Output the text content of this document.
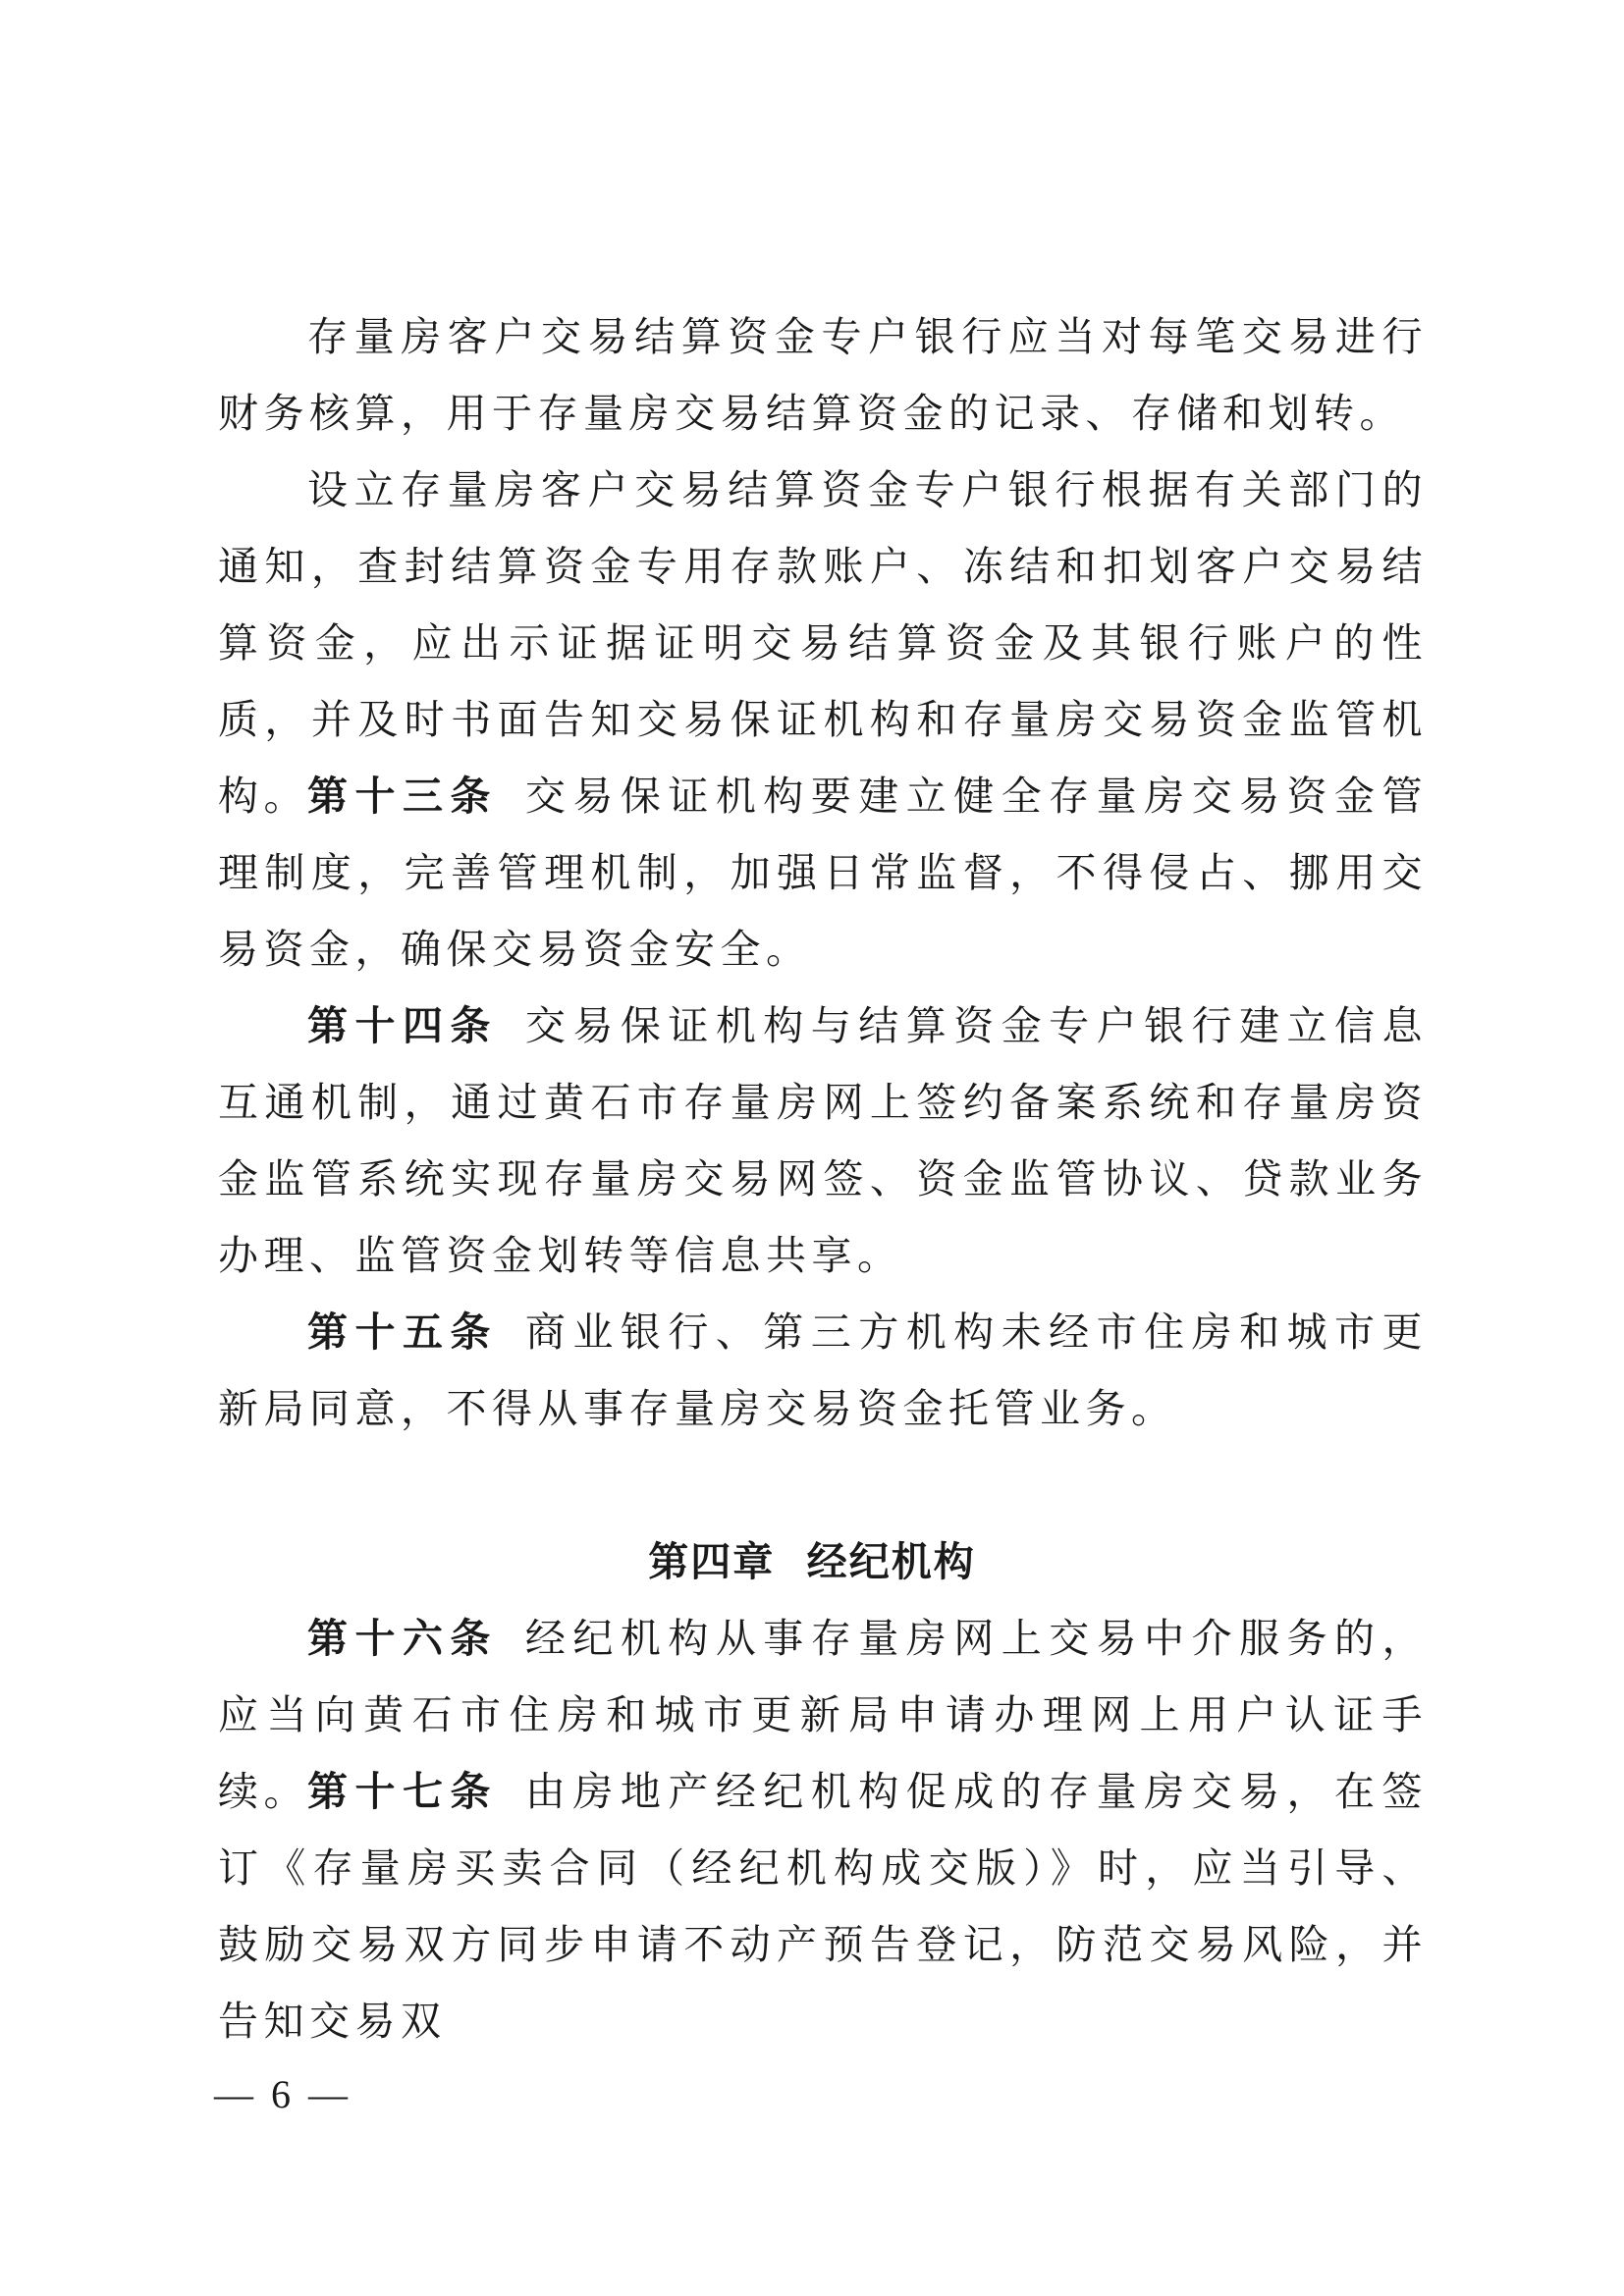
存量房客户交易结算资金专户银行应当对每笔交易进行财务核算，用于存量房交易结算资金的记录、存储和划转。

设立存量房客户交易结算资金专户银行根据有关部门的通知，查封结算资金专用存款账户、冻结和扣划客户交易结算资金，应出示证据证明交易结算资金及其银行账户的性质，并及时书面告知交易保证机构和存量房交易资金监管机构。

第十三条 交易保证机构要建立健全存量房交易资金管理制度，完善管理机制，加强日常监督，不得侵占、挪用交易资金，确保交易资金安全。

第十四条 交易保证机构与结算资金专户银行建立信息互通机制，通过黄石市存量房网上签约备案系统和存量房资金监管系统实现存量房交易网签、资金监管协议、贷款业务办理、监管资金划转等信息共享。

第十五条 商业银行、第三方机构未经市住房和城市更新局同意，不得从事存量房交易资金托管业务。

第四章  经纪机构

第十六条 经纪机构从事存量房网上交易中介服务的，应当向黄石市住房和城市更新局申请办理网上用户认证手续。

第十七条 由房地产经纪机构促成的存量房交易，在签订《存量房买卖合同（经纪机构成交版）》时，应当引导、鼓励交易双方同步申请不动产预告登记，防范交易风险，并告知交易双

— 6 —
